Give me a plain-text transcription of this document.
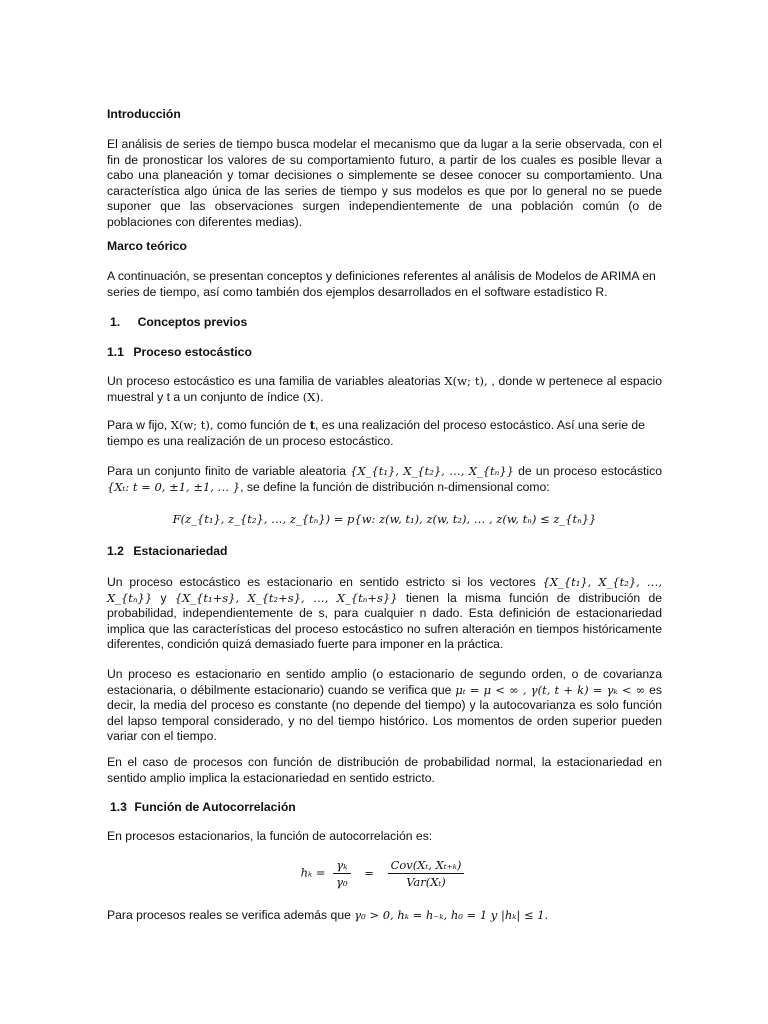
Introducción

El análisis de series de tiempo busca modelar el mecanismo que da lugar a la serie observada, con el fin de pronosticar los valores de su comportamiento futuro, a partir de los cuales es posible llevar a cabo una planeación y tomar decisiones o simplemente se desee conocer su comportamiento. Una característica algo única de las series de tiempo y sus modelos es que por lo general no se puede suponer que las observaciones surgen independientemente de una población común (o de poblaciones con diferentes medias).

Marco teórico

A continuación, se presentan conceptos y definiciones referentes al análisis de Modelos de ARIMA en series de tiempo, así como también dos ejemplos desarrollados en el software estadístico R.

1. Conceptos previos
1.1 Proceso estocástico

Un proceso estocástico es una familia de variables aleatorias X(w; t), , donde w pertenece al espacio muestral y t a un conjunto de índice (X).

Para w fijo, X(w; t), como función de t, es una realización del proceso estocástico. Así una serie de tiempo es una realización de un proceso estocástico.

Para un conjunto finito de variable aleatoria {X_{t₁}, X_{t₂}, …, X_{tₙ}} de un proceso estocástico {Xₜ: t = 0, ±1, ±1, … }, se define la función de distribución n-dimensional como:

F(z_{t₁}, z_{t₂}, …, z_{tₙ}) = p{w: z(w, t₁), z(w, t₂), … , z(w, tₙ) ≤ z_{tₙ}}
1.2 Estacionariedad

Un proceso estocástico es estacionario en sentido estricto si los vectores {X_{t₁}, X_{t₂}, …, X_{tₙ}} y {X_{t₁+s}, X_{t₂+s}, …, X_{tₙ+s}} tienen la misma función de distribución de probabilidad, independientemente de s, para cualquier n dado. Esta definición de estacionariedad implica que las características del proceso estocástico no sufren alteración en tiempos históricamente diferentes, condición quizá demasiado fuerte para imponer en la práctica.

Un proceso es estacionario en sentido amplio (o estacionario de segundo orden, o de covarianza estacionaria, o débilmente estacionario) cuando se verifica que μₜ = μ < ∞ , γ(t, t + k) = γₖ < ∞ es decir, la media del proceso es constante (no depende del tiempo) y la autocovarianza es solo función del lapso temporal considerado, y no del tiempo histórico. Los momentos de orden superior pueden variar con el tiempo.

En el caso de procesos con función de distribución de probabilidad normal, la estacionariedad en sentido amplio implica la estacionariedad en sentido estricto.

1.3 Función de Autocorrelación

En procesos estacionarios, la función de autocorrelación es:

$h_k = \frac{\text{γₖ}}{\text{γ₀}} = \frac{\text{Cov(Xₜ, Xₜ₊ₖ)}}{\text{Var(Xₜ)}}$

Para procesos reales se verifica además que γ₀ > 0, hₖ = h₋ₖ, h₀ = 1 y |hₖ| ≤ 1.
